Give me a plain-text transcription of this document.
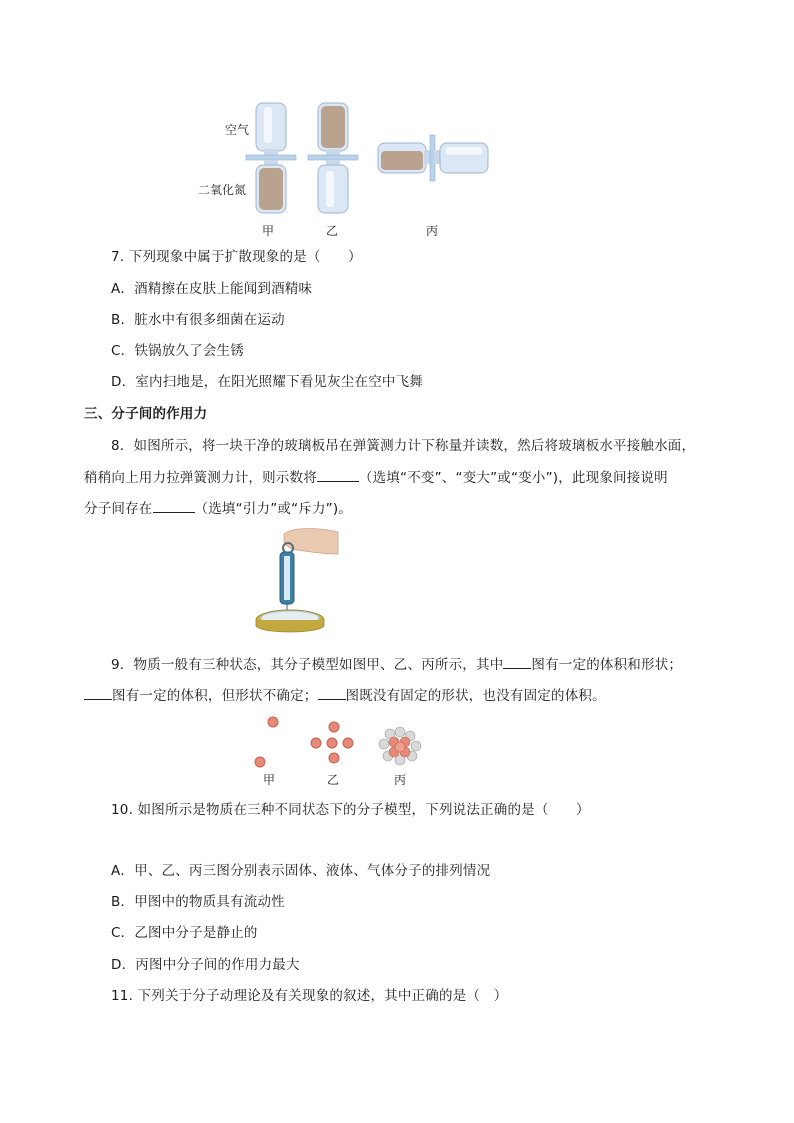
空气
二氧化氮
甲	乙	丙
7. 下列现象中属于扩散现象的是（　　）
A．酒精擦在皮肤上能闻到酒精味
B．脏水中有很多细菌在运动
C．铁锅放久了会生锈
D．室内扫地是，在阳光照耀下看见灰尘在空中飞舞
三、分子间的作用力
8．如图所示，将一块干净的玻璃板吊在弹簧测力计下称量并读数，然后将玻璃板水平接触水面，
稍稍向上用力拉弹簧测力计，则示数将	（选填“不变”、“变大”或“变小”)，此现象间接说明
分子间存在	（选填“引力”或“斥力”)。
9．物质一般有三种状态，其分子模型如图甲、乙、丙所示，其中 图有一定的体积和形状；
图有一定的体积，但形状不确定； 图既没有固定的形状，也没有固定的体积。
甲	乙	丙
10. 如图所示是物质在三种不同状态下的分子模型，下列说法正确的是（　　）
A．甲、乙、丙三图分别表示固体、液体、气体分子的排列情况
B．甲图中的物质具有流动性
C．乙图中分子是静止的
D．丙图中分子间的作用力最大
11. 下列关于分子动理论及有关现象的叙述，其中正确的是（　）
